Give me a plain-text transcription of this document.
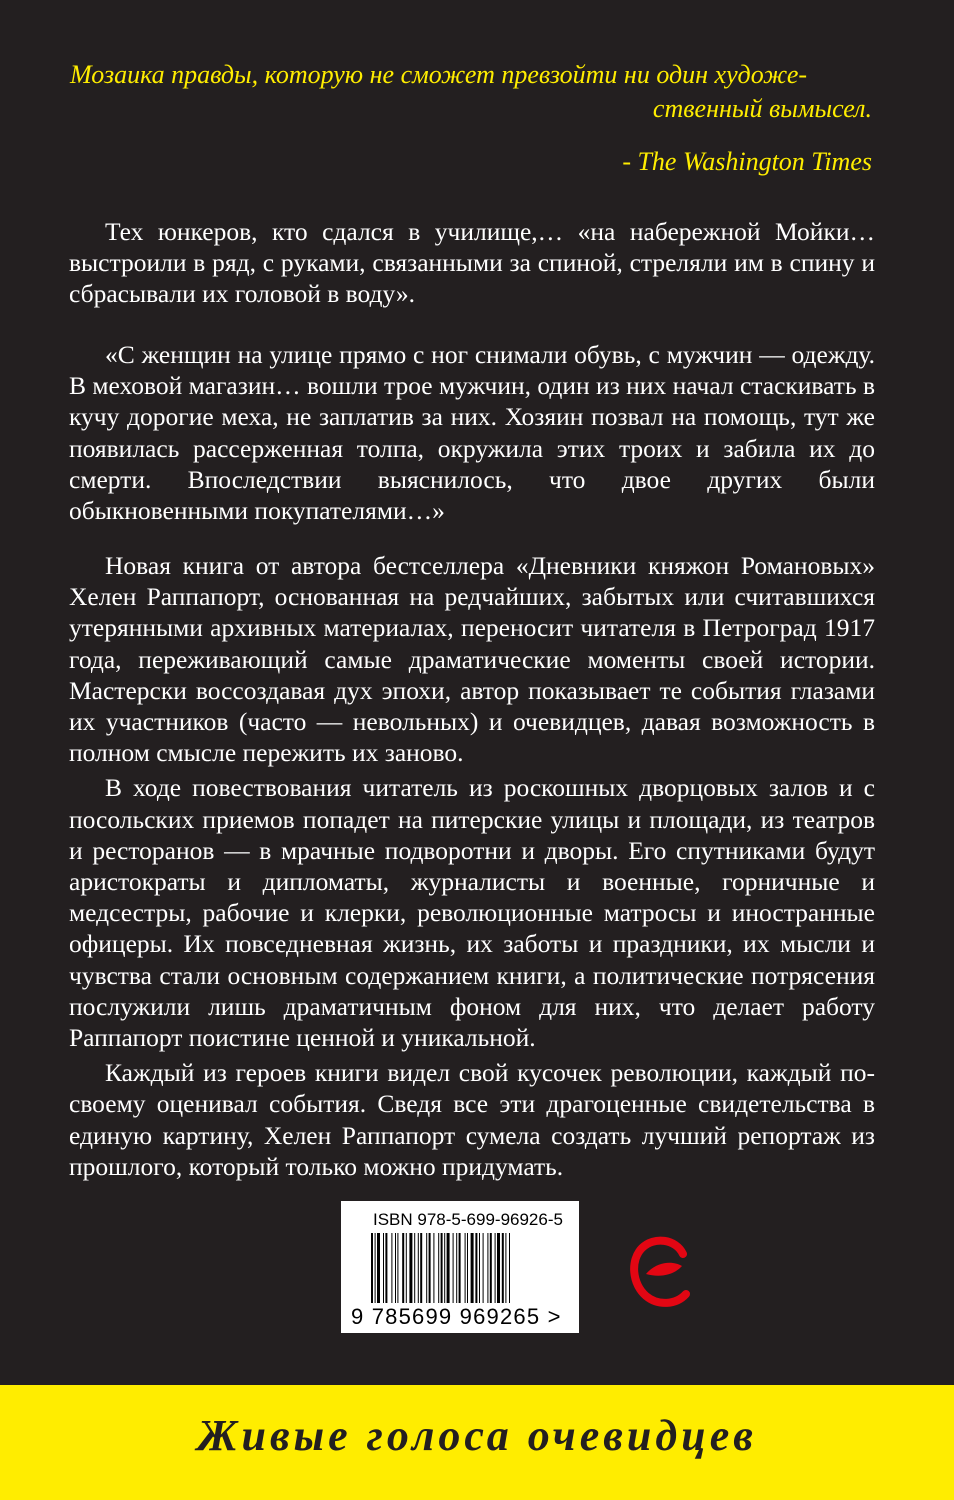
Мозаика правды, которую не сможет превзойти ни один художе-
ственный вымысел.
- The Washington Times

Тех юнкеров, кто сдался в училище,… «на набережной Мойки… выстроили в ряд, с руками, связанными за спиной, стреляли им в спину и сбрасывали их головой в воду».

«С женщин на улице прямо с ног снимали обувь, с мужчин — одежду. В меховой магазин… вошли трое мужчин, один из них начал стаскивать в кучу дорогие меха, не заплатив за них. Хозяин позвал на помощь, тут же появилась рассерженная толпа, окружила этих троих и забила их до смерти. Впоследствии выяснилось, что двое других были обыкновенными покупателями…»

Новая книга от автора бестселлера «Дневники княжон Романовых» Хелен Раппапорт, основанная на редчайших, забытых или считавшихся утерянными архивных материалах, переносит читателя в Петроград 1917 года, переживающий самые драматические моменты своей истории. Мастерски воссоздавая дух эпохи, автор показывает те события глазами их участников (часто — невольных) и очевидцев, давая возможность в полном смысле пережить их заново.

В ходе повествования читатель из роскошных дворцовых залов и с посольских приемов попадет на питерские улицы и площади, из театров и ресторанов — в мрачные подворотни и дворы. Его спутниками будут аристократы и дипломаты, журналисты и военные, горничные и медсестры, рабочие и клерки, революционные матросы и иностранные офицеры. Их повседневная жизнь, их заботы и праздники, их мысли и чувства стали основным содержанием книги, а политические потрясения послужили лишь драматичным фоном для них, что делает работу Раппапорт поистине ценной и уникальной.

Каждый из героев книги видел свой кусочек революции, каждый по-своему оценивал события. Сведя все эти драгоценные свидетельства в единую картину, Хелен Раппапорт сумела создать лучший репортаж из прошлого, который только можно придумать.

ISBN 978-5-699-96926-5
9 785699 969265 >
Живые голоса очевидцев
